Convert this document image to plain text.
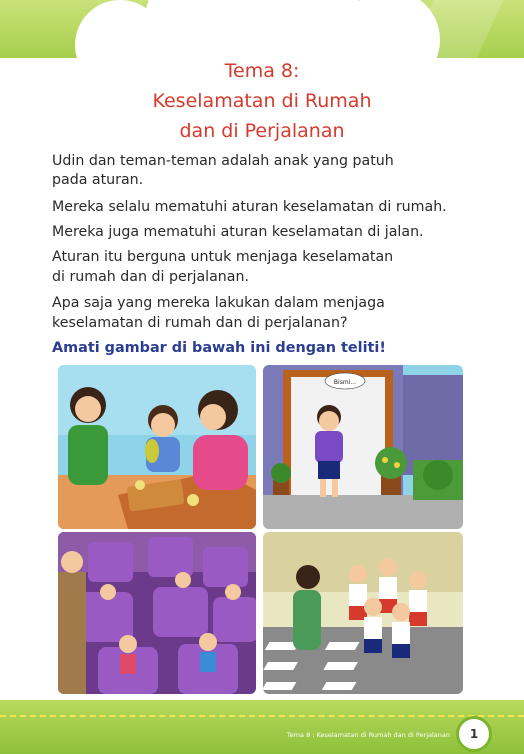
Tema 8:
Keselamatan di Rumah
dan di Perjalanan
Udin dan teman-teman adalah anak yang patuh
pada aturan.
Mereka selalu mematuhi aturan keselamatan di rumah.
Mereka juga mematuhi aturan keselamatan di jalan.
Aturan itu berguna untuk menjaga keselamatan
di rumah dan di perjalanan.
Apa saja yang mereka lakukan dalam menjaga
keselamatan di rumah dan di perjalanan?
Amati gambar di bawah ini dengan teliti!
Bismi...
Tema 8 : Keselamatan di Rumah dan di Perjalanan	1
